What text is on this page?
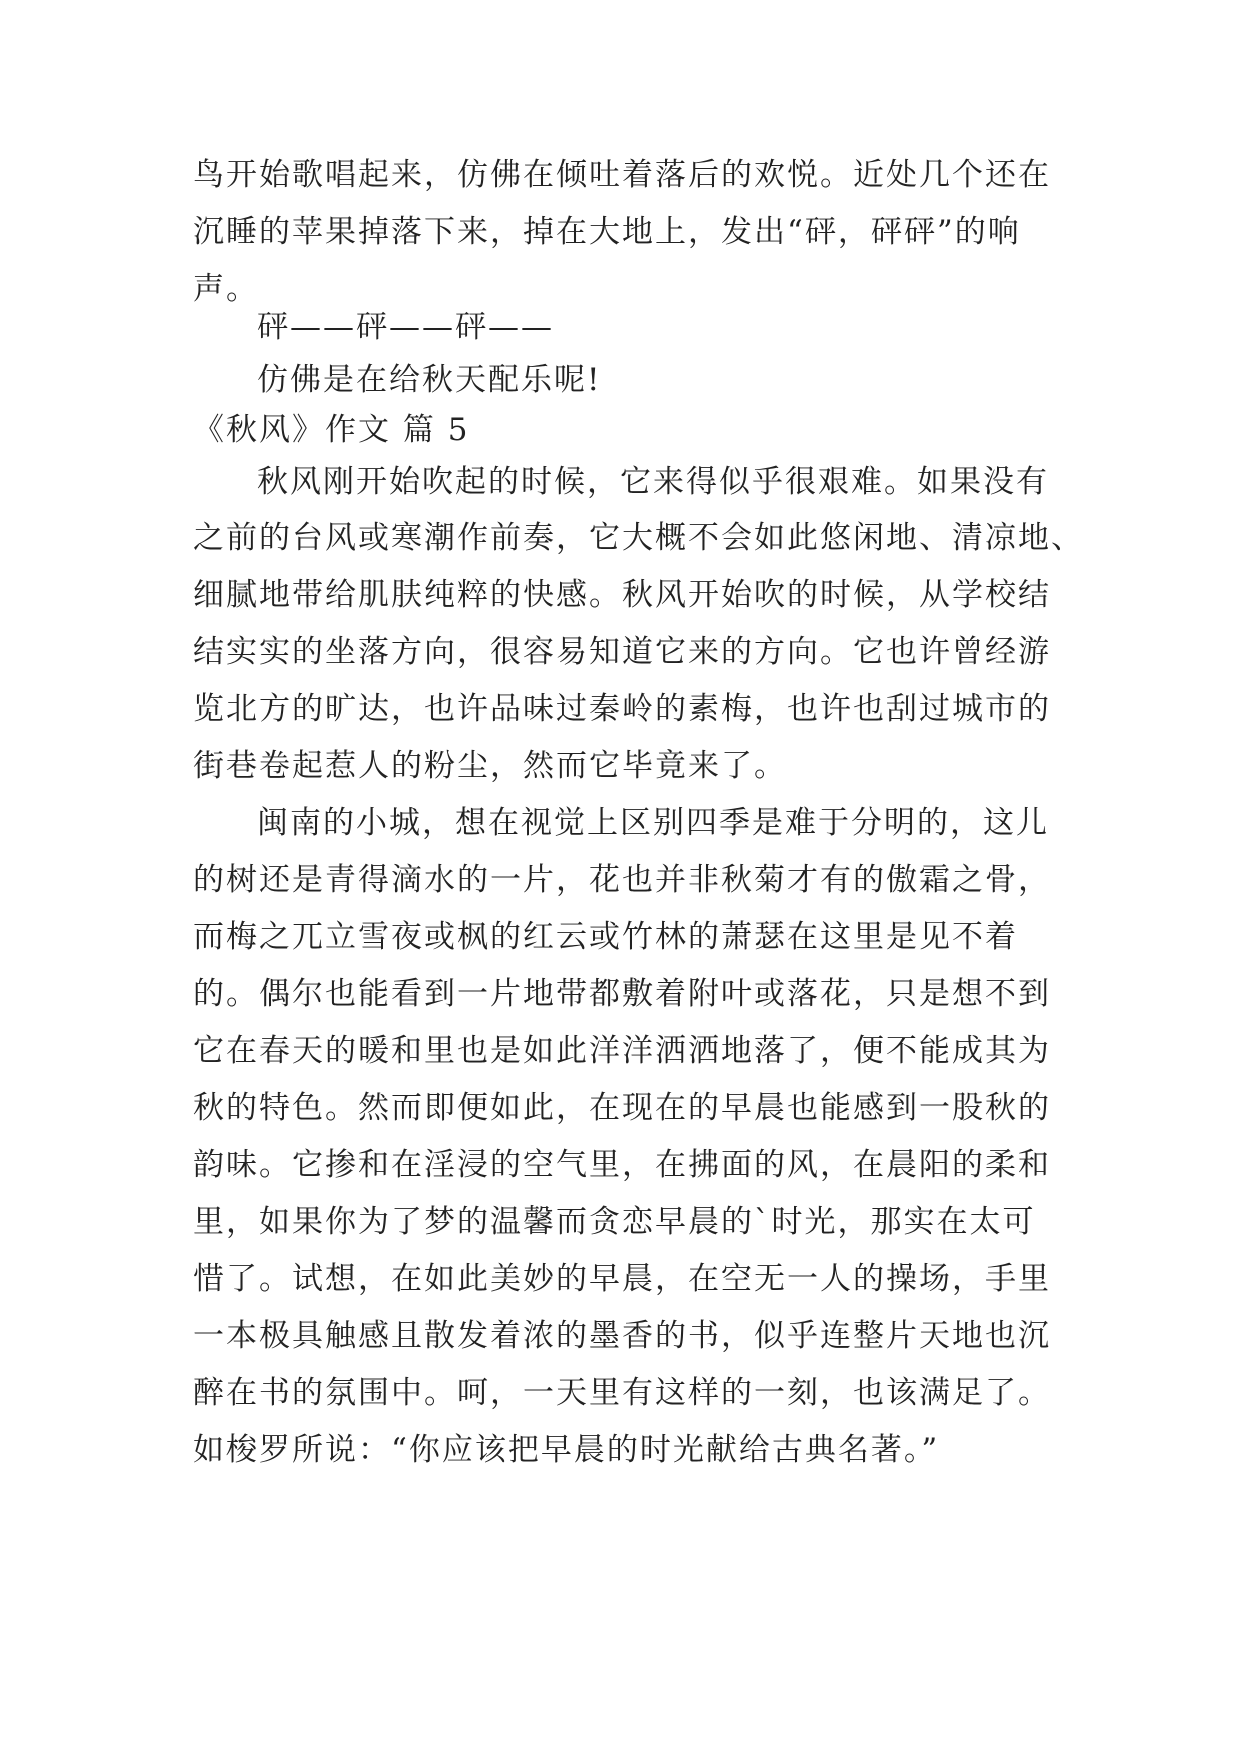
鸟开始歌唱起来，仿佛在倾吐着落后的欢悦。近处几个还在
沉睡的苹果掉落下来，掉在大地上，发出“砰，砰砰”的响
声。
砰——砰——砰——
仿佛是在给秋天配乐呢!
《秋风》作文 篇 5
秋风刚开始吹起的时候，它来得似乎很艰难。如果没有
之前的台风或寒潮作前奏，它大概不会如此悠闲地、清凉地、
细腻地带给肌肤纯粹的快感。秋风开始吹的时候，从学校结
结实实的坐落方向，很容易知道它来的方向。它也许曾经游
览北方的旷达，也许品味过秦岭的素梅，也许也刮过城市的
街巷卷起惹人的粉尘，然而它毕竟来了。
闽南的小城，想在视觉上区别四季是难于分明的，这儿
的树还是青得滴水的一片，花也并非秋菊才有的傲霜之骨，
而梅之兀立雪夜或枫的红云或竹林的萧瑟在这里是见不着
的。偶尔也能看到一片地带都敷着附叶或落花，只是想不到
它在春天的暖和里也是如此洋洋洒洒地落了，便不能成其为
秋的特色。然而即便如此，在现在的早晨也能感到一股秋的
韵味。它掺和在淫浸的空气里，在拂面的风，在晨阳的柔和
里，如果你为了梦的温馨而贪恋早晨的`时光，那实在太可
惜了。试想，在如此美妙的早晨，在空无一人的操场，手里
一本极具触感且散发着浓的墨香的书，似乎连整片天地也沉
醉在书的氛围中。呵，一天里有这样的一刻，也该满足了。
如梭罗所说：“你应该把早晨的时光献给古典名著。”
